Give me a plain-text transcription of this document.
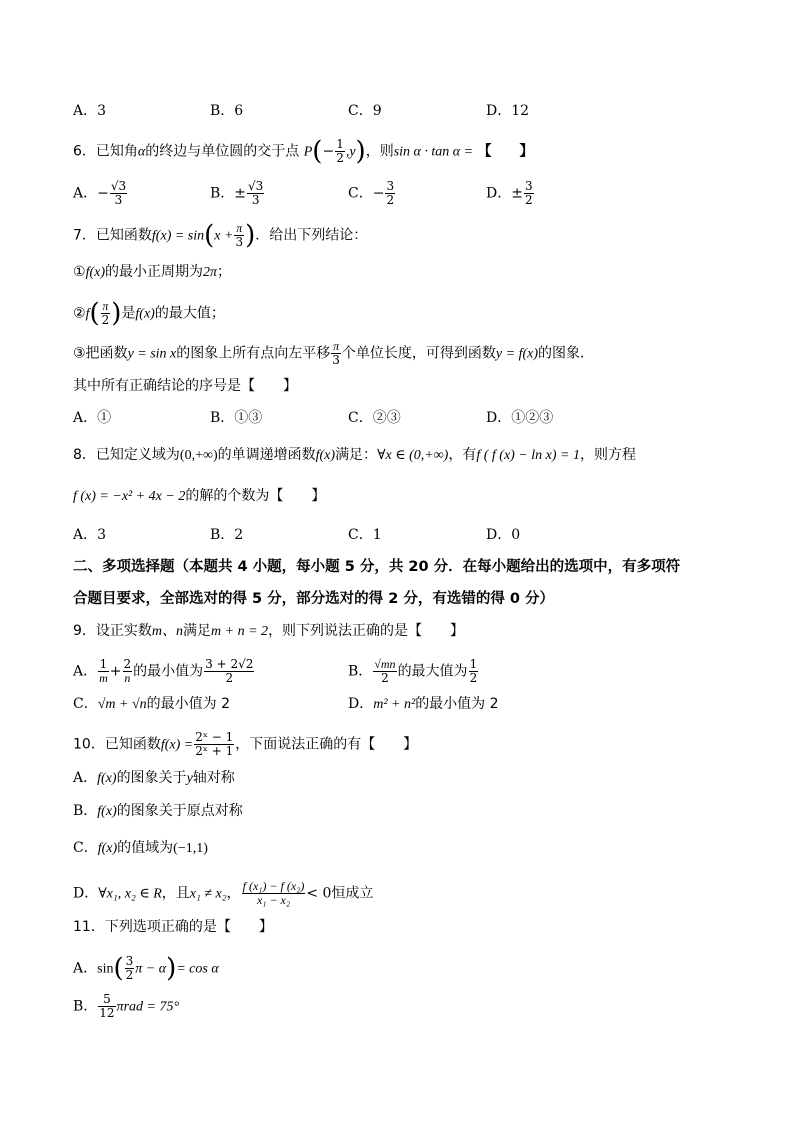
A．3	B．6	C．9	D．12
6．已知角α的终边与单位圆的交于点 $P(- \frac{1}{2} ,y)$，则sin α · tan α = 【　　】
A．− $\frac{√3}{3}$	B．± $\frac{√3}{3}$	C．− $\frac{3}{2}$	D．± $\frac{3}{2}$
7．已知函数$f(x) = \sin(x + \frac{\pi}{3}$ )．给出下列结论：
①f(x)的最小正周期为2π；
②f( $\frac{\pi}{2}$ )是f(x)的最大值；
③把函数y = sin x的图象上所有点向左平移 $\frac{\pi}{3}$ 个单位长度，可得到函数y = f(x)的图象．
其中所有正确结论的序号是【　　】
A．①	B．①③	C．②③	D．①②③
8．已知定义域为(0,+∞)的单调递增函数f(x)满足：∀x ∈ (0,+∞)，有f ( f (x) − ln x) = 1，则方程
f (x) = −x² + 4x − 2的解的个数为【　　】
A．3	B．2	C．1	D．0
二、多项选择题（本题共 4 小题，每小题 5 分，共 20 分．在每小题给出的选项中，有多项符
合题目要求，全部选对的得 5 分，部分选对的得 2 分，有选错的得 0 分）
9．设正实数m、n满足m + n = 2，则下列说法正确的是【　　】
A． $\frac{1}{m} + \frac{2}{n}$ 的最小值为 $\frac{3 + 2√2}{2}$	B． $\frac{√mn}{2}$ 的最大值为 $\frac{1}{2}$
C．√m + √n的最小值为 2	D．m² + n²的最小值为 2
10．已知函数$f(x) = \frac{\text{2ˣ − 1}}{\text{2ˣ + 1}}$ ，下面说法正确的有【　　】
A．f(x)的图象关于y轴对称
B．f(x)的图象关于原点对称
C．f(x)的值域为(−1,1)
D．∀x₁, x₂ ∈ R，且x₁ ≠ x₂， $\frac{\text{f (x₁) − f (x₂)}}{\text{x₁ − x₂}} < 0$恒成立
11．下列选项正确的是【　　】
A．$\sin( \frac{3}{2}$ π − α)= cos α
B． $\frac{5}{12}$ πrad = 75°
